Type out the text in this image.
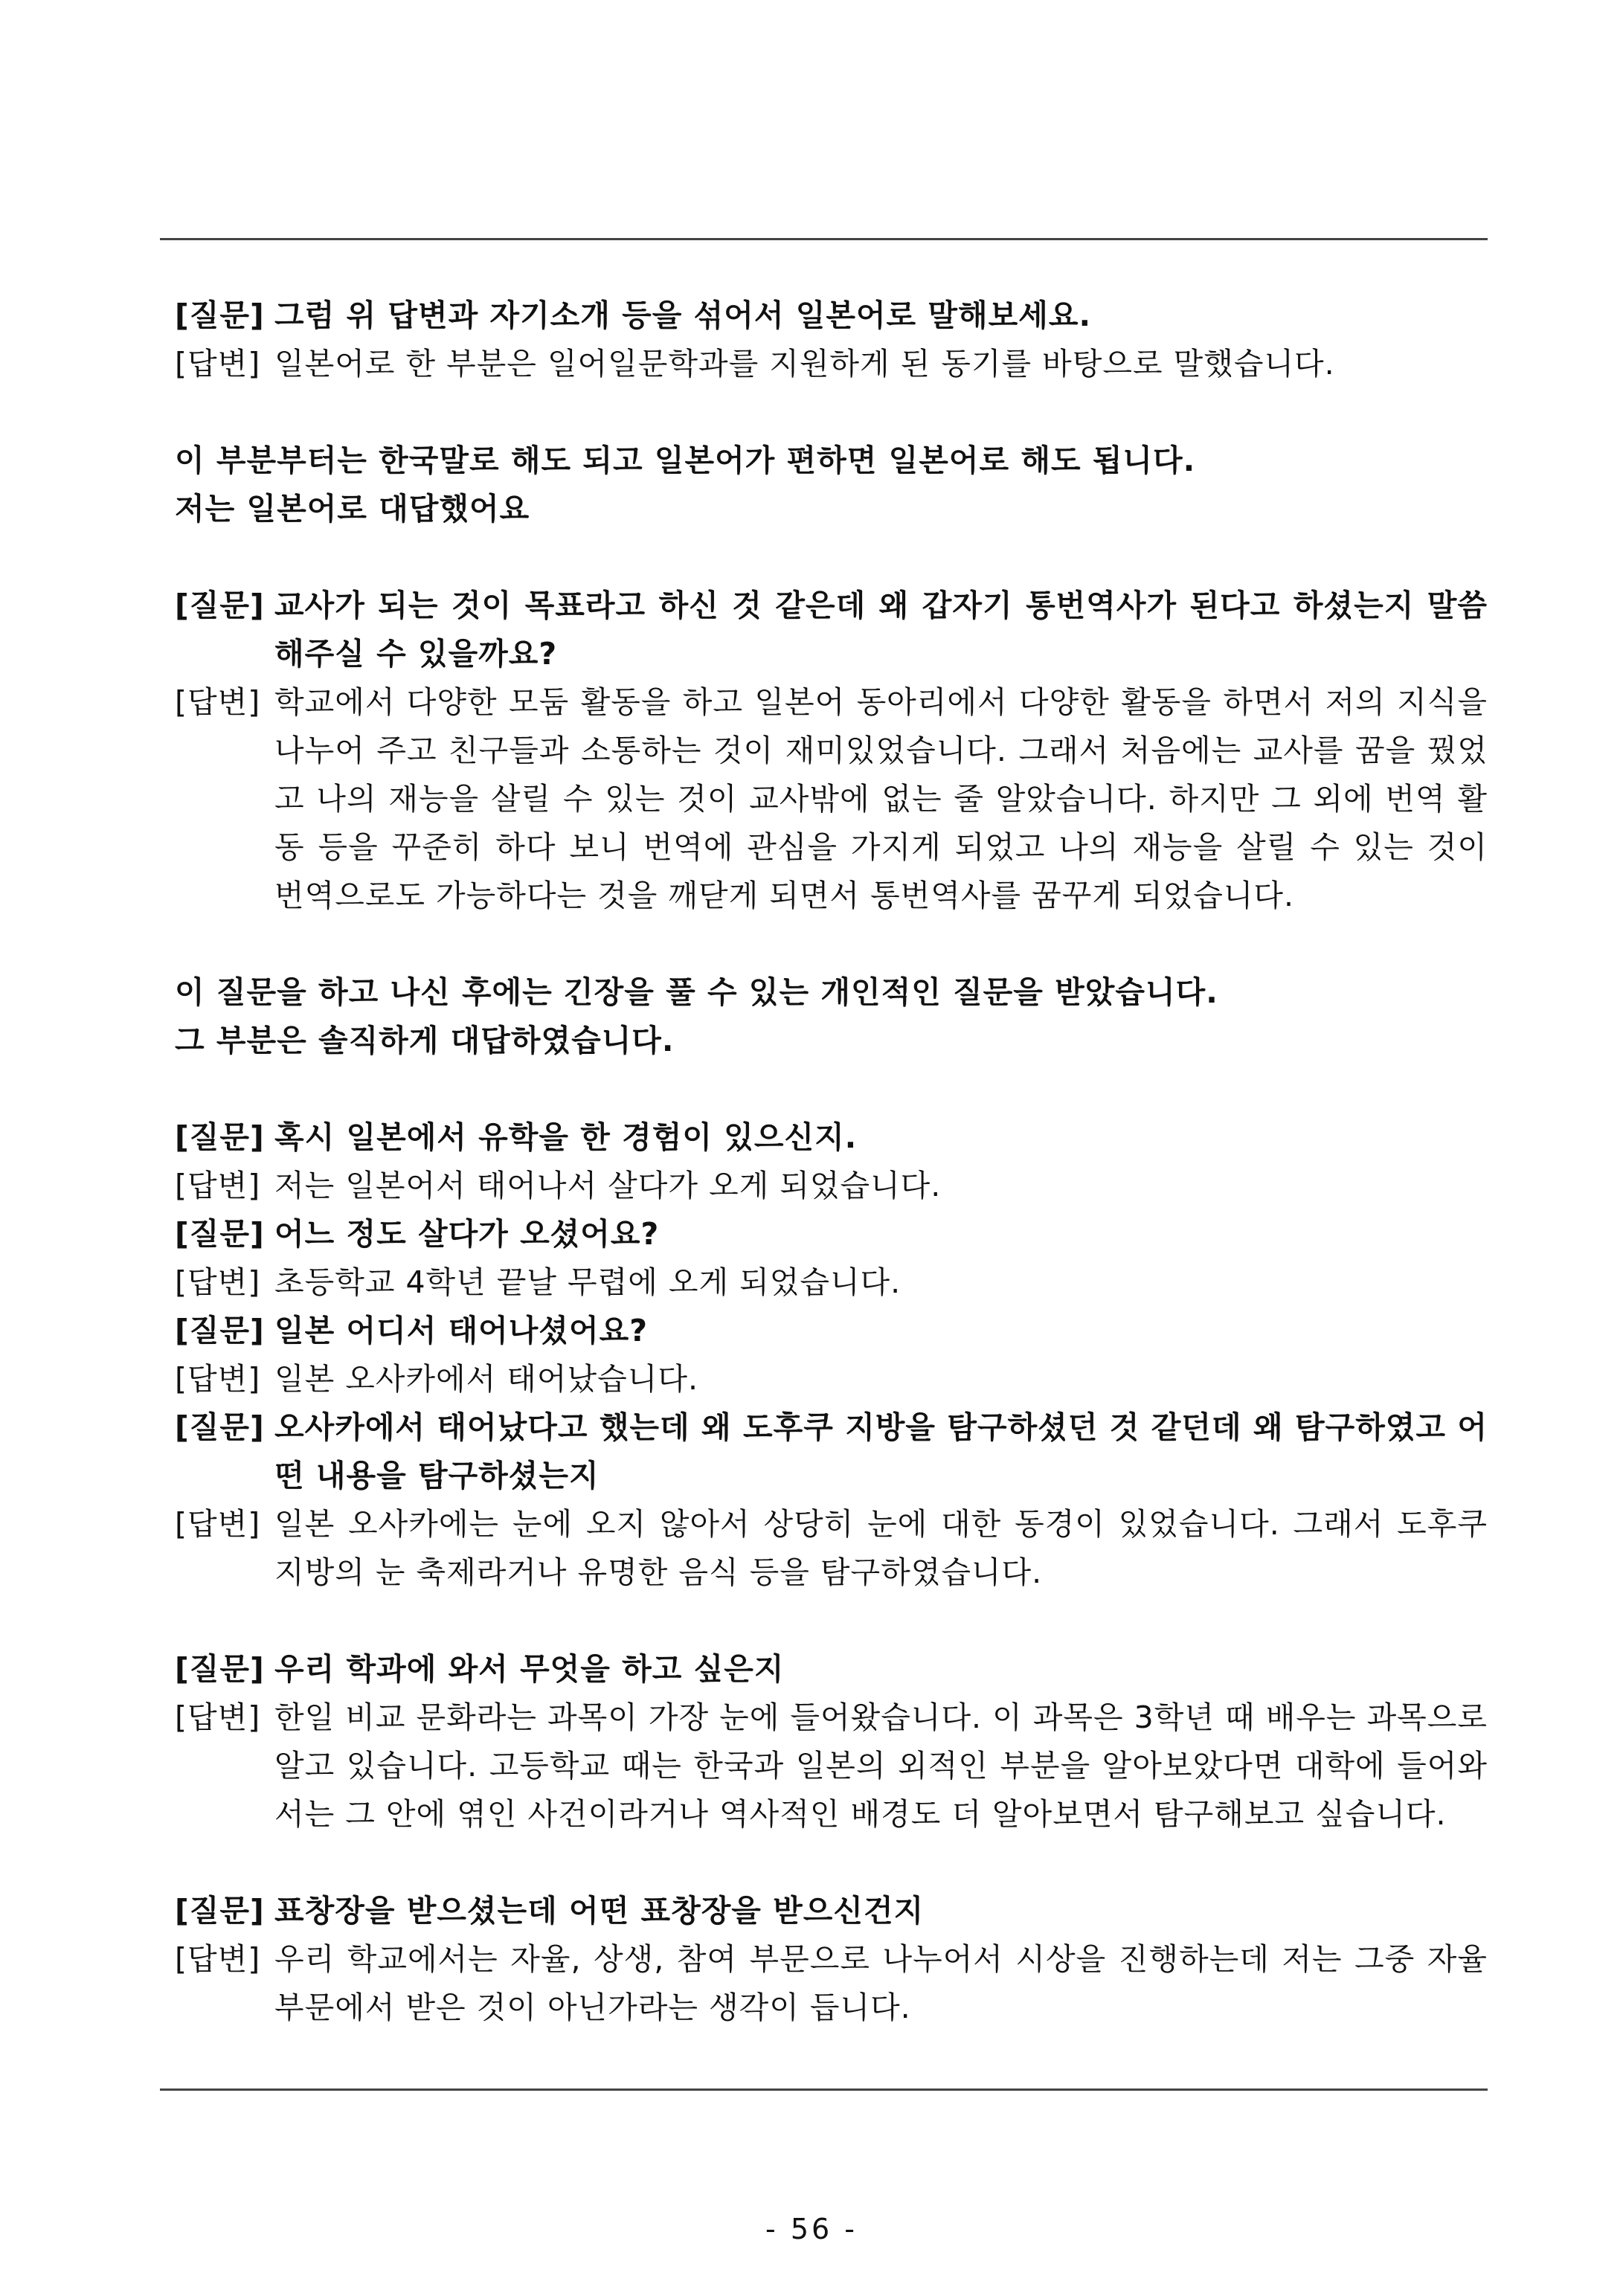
[질문] 그럼 위 답변과 자기소개 등을 섞어서 일본어로 말해보세요.
[답변] 일본어로 한 부분은 일어일문학과를 지원하게 된 동기를 바탕으로 말했습니다.
이 부분부터는 한국말로 해도 되고 일본어가 편하면 일본어로 해도 됩니다.
저는 일본어로 대답했어요
[질문] 교사가 되는 것이 목표라고 하신 것 같은데 왜 갑자기 통번역사가 된다고 하셨는지 말씀해주실 수 있을까요?
[답변] 학교에서 다양한 모둠 활동을 하고 일본어 동아리에서 다양한 활동을 하면서 저의 지식을 나누어 주고 친구들과 소통하는 것이 재미있었습니다. 그래서 처음에는 교사를 꿈을 꿨었고 나의 재능을 살릴 수 있는 것이 교사밖에 없는 줄 알았습니다. 하지만 그 외에 번역 활동 등을 꾸준히 하다 보니 번역에 관심을 가지게 되었고 나의 재능을 살릴 수 있는 것이 번역으로도 가능하다는 것을 깨닫게 되면서 통번역사를 꿈꾸게 되었습니다.
이 질문을 하고 나신 후에는 긴장을 풀 수 있는 개인적인 질문을 받았습니다.
그 부분은 솔직하게 대답하였습니다.
[질문] 혹시 일본에서 유학을 한 경험이 있으신지.
[답변] 저는 일본어서 태어나서 살다가 오게 되었습니다.
[질문] 어느 정도 살다가 오셨어요?
[답변] 초등학교 4학년 끝날 무렵에 오게 되었습니다.
[질문] 일본 어디서 태어나셨어요?
[답변] 일본 오사카에서 태어났습니다.
[질문] 오사카에서 태어났다고 했는데 왜 도후쿠 지방을 탐구하셨던 것 같던데 왜 탐구하였고 어떤 내용을 탐구하셨는지
[답변] 일본 오사카에는 눈에 오지 않아서 상당히 눈에 대한 동경이 있었습니다. 그래서 도후쿠 지방의 눈 축제라거나 유명한 음식 등을 탐구하였습니다.
[질문] 우리 학과에 와서 무엇을 하고 싶은지
[답변] 한일 비교 문화라는 과목이 가장 눈에 들어왔습니다. 이 과목은 3학년 때 배우는 과목으로 알고 있습니다. 고등학교 때는 한국과 일본의 외적인 부분을 알아보았다면 대학에 들어와서는 그 안에 엮인 사건이라거나 역사적인 배경도 더 알아보면서 탐구해보고 싶습니다.
[질문] 표창장을 받으셨는데 어떤 표창장을 받으신건지
[답변] 우리 학교에서는 자율, 상생, 참여 부문으로 나누어서 시상을 진행하는데 저는 그중 자율 부문에서 받은 것이 아닌가라는 생각이 듭니다.
- 56 -
